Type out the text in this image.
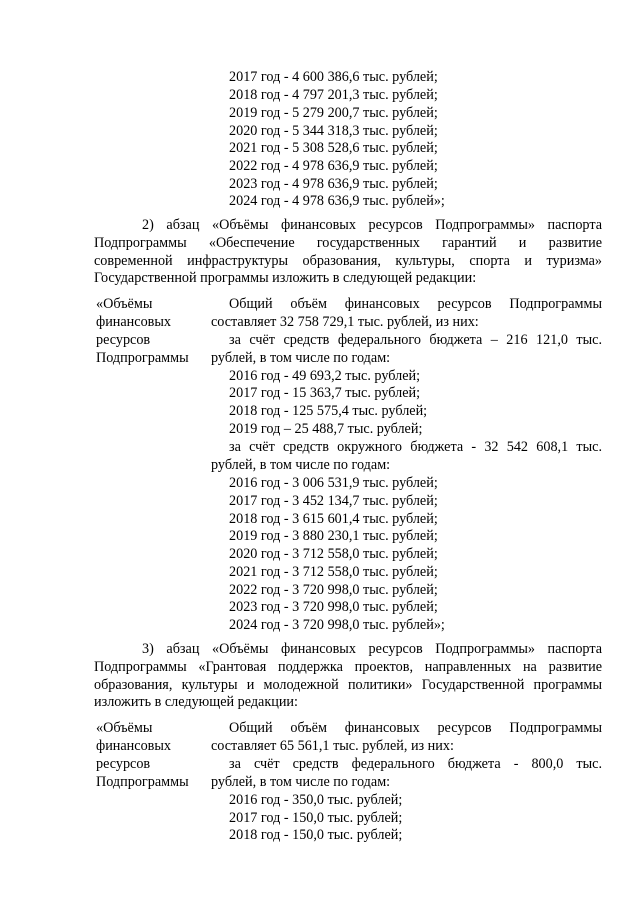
2017 год - 4 600 386,6 тыс. рублей;
2018 год - 4 797 201,3 тыс. рублей;
2019 год - 5 279 200,7 тыс. рублей;
2020 год - 5 344 318,3 тыс. рублей;
2021 год - 5 308 528,6 тыс. рублей;
2022 год - 4 978 636,9 тыс. рублей;
2023 год - 4 978 636,9 тыс. рублей;
2024 год - 4 978 636,9 тыс. рублей»;
2) абзац «Объёмы финансовых ресурсов Подпрограммы» паспорта
Подпрограммы «Обеспечение государственных гарантий и развитие
современной инфраструктуры образования, культуры, спорта и туризма»
Государственной программы изложить в следующей редакции:
«Объёмы
финансовых
ресурсов
Подпрограммы
Общий объём финансовых ресурсов Подпрограммы
составляет 32 758 729,1 тыс. рублей, из них:
за счёт средств федерального бюджета – 216 121,0 тыс.
рублей, в том числе по годам:
2016 год - 49 693,2 тыс. рублей;
2017 год - 15 363,7 тыс. рублей;
2018 год - 125 575,4 тыс. рублей;
2019 год – 25 488,7 тыс. рублей;
за счёт средств окружного бюджета - 32 542 608,1 тыс.
рублей, в том числе по годам:
2016 год - 3 006 531,9 тыс. рублей;
2017 год - 3 452 134,7 тыс. рублей;
2018 год - 3 615 601,4 тыс. рублей;
2019 год - 3 880 230,1 тыс. рублей;
2020 год - 3 712 558,0 тыс. рублей;
2021 год - 3 712 558,0 тыс. рублей;
2022 год - 3 720 998,0 тыс. рублей;
2023 год - 3 720 998,0 тыс. рублей;
2024 год - 3 720 998,0 тыс. рублей»;
3) абзац «Объёмы финансовых ресурсов Подпрограммы» паспорта
Подпрограммы «Грантовая поддержка проектов, направленных на развитие
образования, культуры и молодежной политики» Государственной программы
изложить в следующей редакции:
«Объёмы
финансовых
ресурсов
Подпрограммы
Общий объём финансовых ресурсов Подпрограммы
составляет 65 561,1 тыс. рублей, из них:
за счёт средств федерального бюджета - 800,0 тыс.
рублей, в том числе по годам:
2016 год - 350,0 тыс. рублей;
2017 год - 150,0 тыс. рублей;
2018 год - 150,0 тыс. рублей;
